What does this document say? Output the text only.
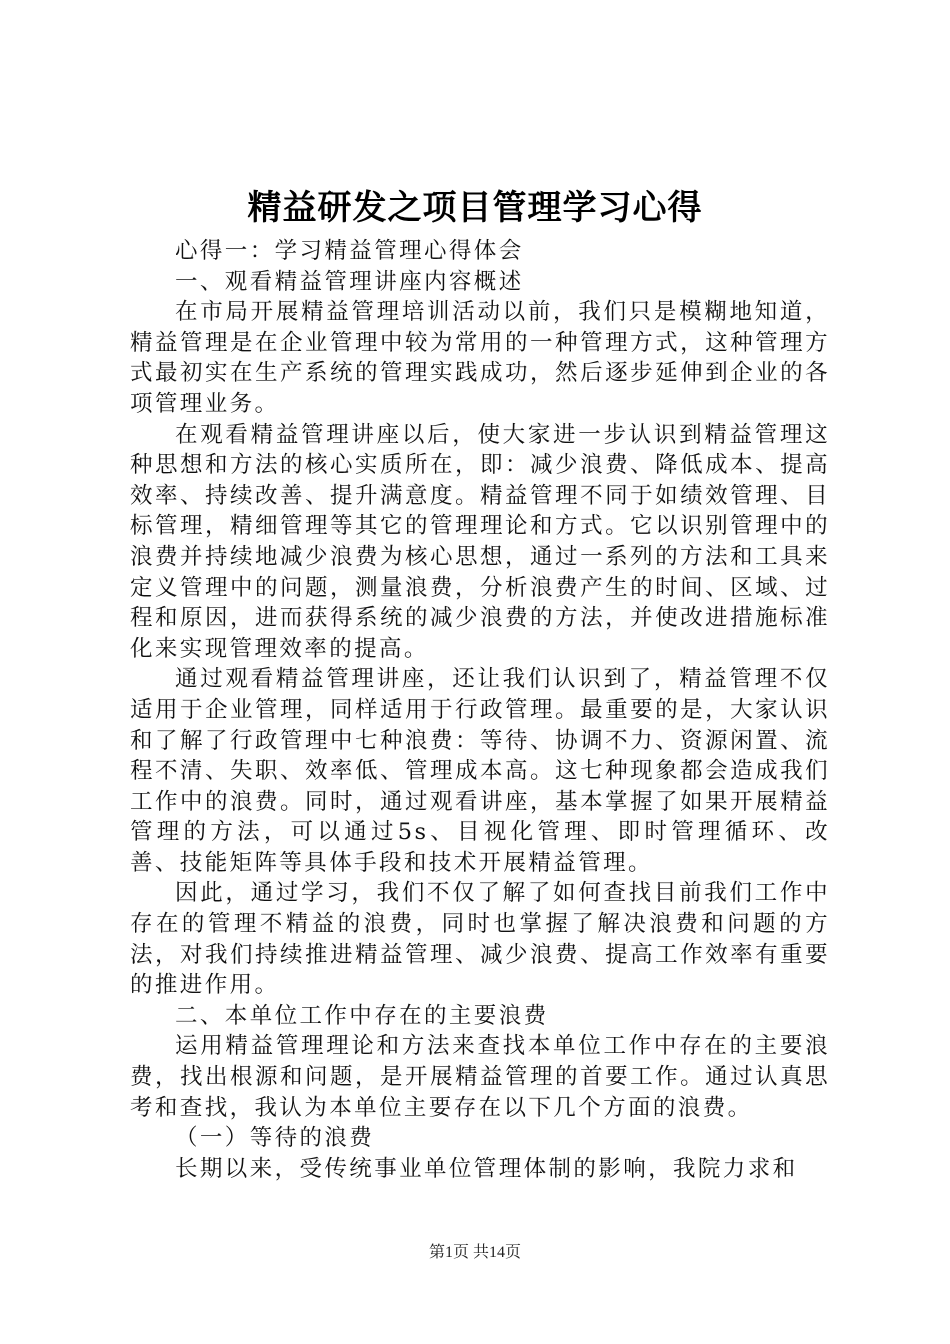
精益研发之项目管理学习心得

心得一：学习精益管理心得体会

一、观看精益管理讲座内容概述

在市局开展精益管理培训活动以前，我们只是模糊地知道，精益管理是在企业管理中较为常用的一种管理方式，这种管理方式最初实在生产系统的管理实践成功，然后逐步延伸到企业的各项管理业务。

在观看精益管理讲座以后，使大家进一步认识到精益管理这种思想和方法的核心实质所在，即：减少浪费、降低成本、提高效率、持续改善、提升满意度。精益管理不同于如绩效管理、目标管理，精细管理等其它的管理理论和方式。它以识别管理中的浪费并持续地减少浪费为核心思想，通过一系列的方法和工具来定义管理中的问题，测量浪费，分析浪费产生的时间、区域、过程和原因，进而获得系统的减少浪费的方法，并使改进措施标准化来实现管理效率的提高。

通过观看精益管理讲座，还让我们认识到了，精益管理不仅适用于企业管理，同样适用于行政管理。最重要的是，大家认识和了解了行政管理中七种浪费：等待、协调不力、资源闲置、流程不清、失职、效率低、管理成本高。这七种现象都会造成我们工作中的浪费。同时，通过观看讲座，基本掌握了如果开展精益管理的方法，可以通过5s、目视化管理、即时管理循环、改善、技能矩阵等具体手段和技术开展精益管理。

因此，通过学习，我们不仅了解了如何查找目前我们工作中存在的管理不精益的浪费，同时也掌握了解决浪费和问题的方法，对我们持续推进精益管理、减少浪费、提高工作效率有重要的推进作用。

二、本单位工作中存在的主要浪费

运用精益管理理论和方法来查找本单位工作中存在的主要浪费，找出根源和问题，是开展精益管理的首要工作。通过认真思考和查找，我认为本单位主要存在以下几个方面的浪费。

（一）等待的浪费

长期以来，受传统事业单位管理体制的影响，我院力求和

第1页 共14页
